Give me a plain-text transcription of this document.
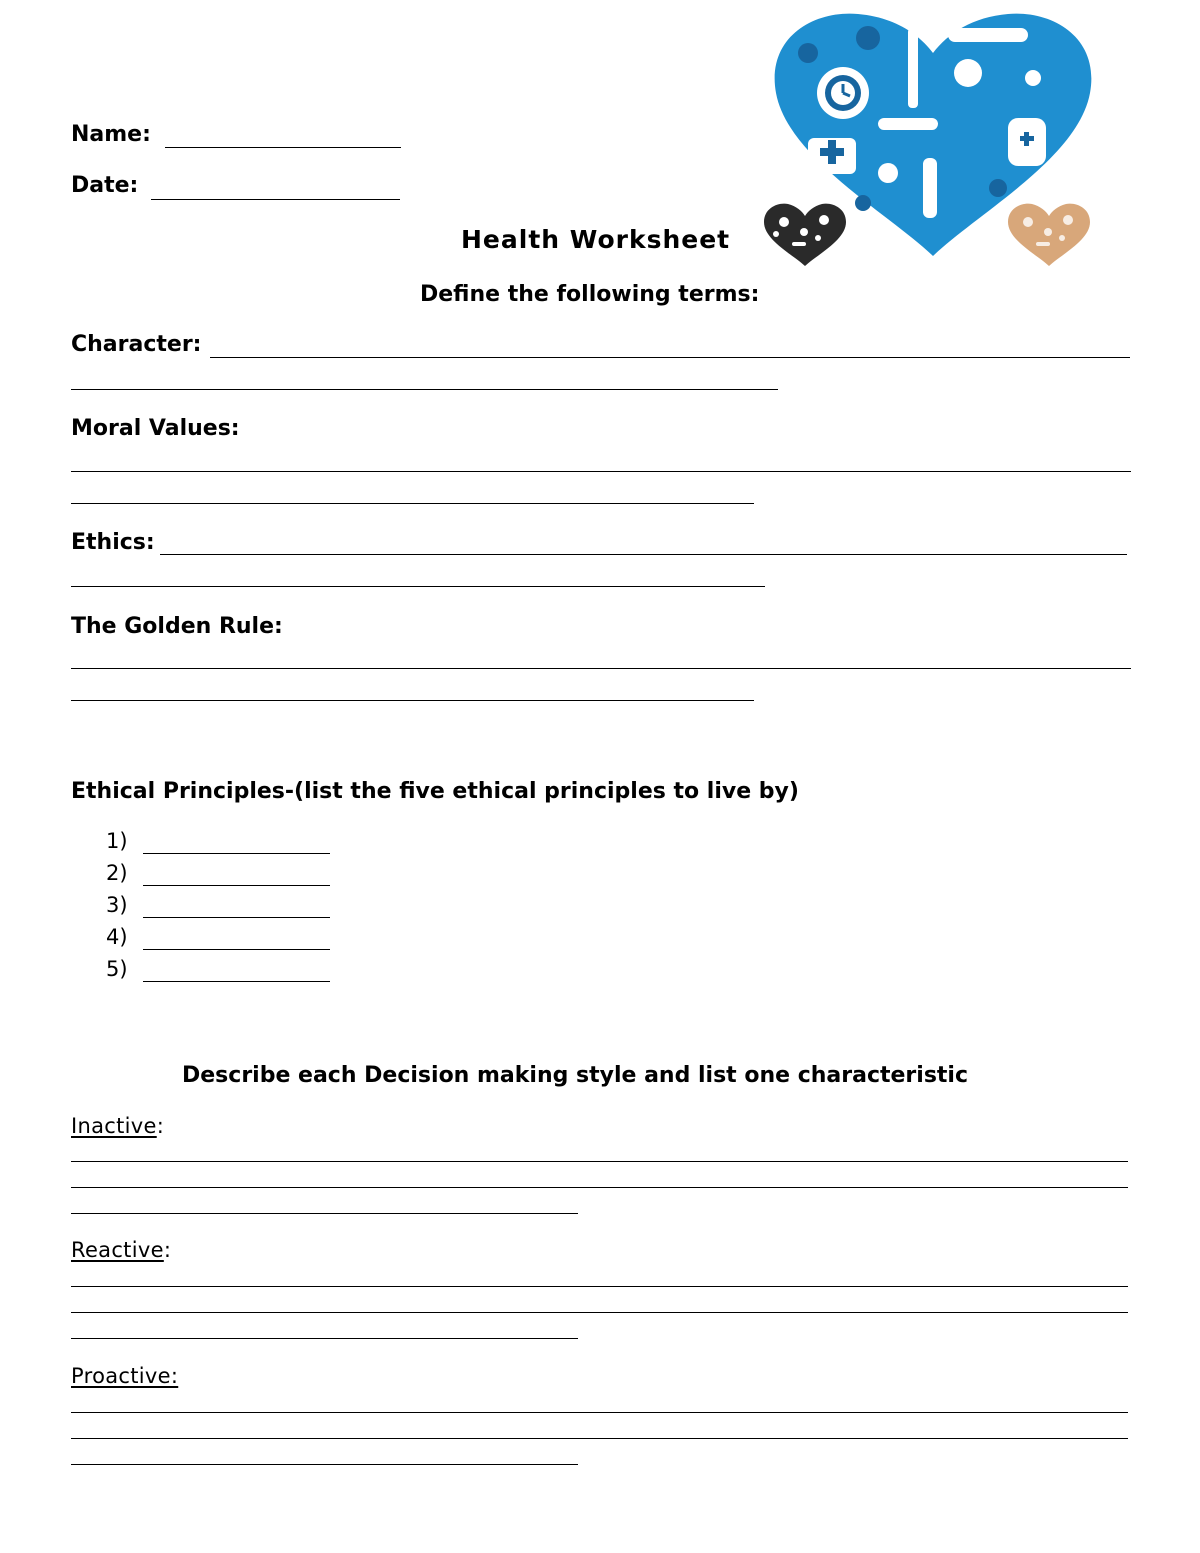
Name:
Date:
Health Worksheet
Define the following terms:
Character:
Moral Values:
Ethics:
The Golden Rule:
Ethical Principles-(list the five ethical principles to live by)
1)
2)
3)
4)
5)
Describe each Decision making style and list one characteristic
Inactive:
Reactive:
Proactive:
